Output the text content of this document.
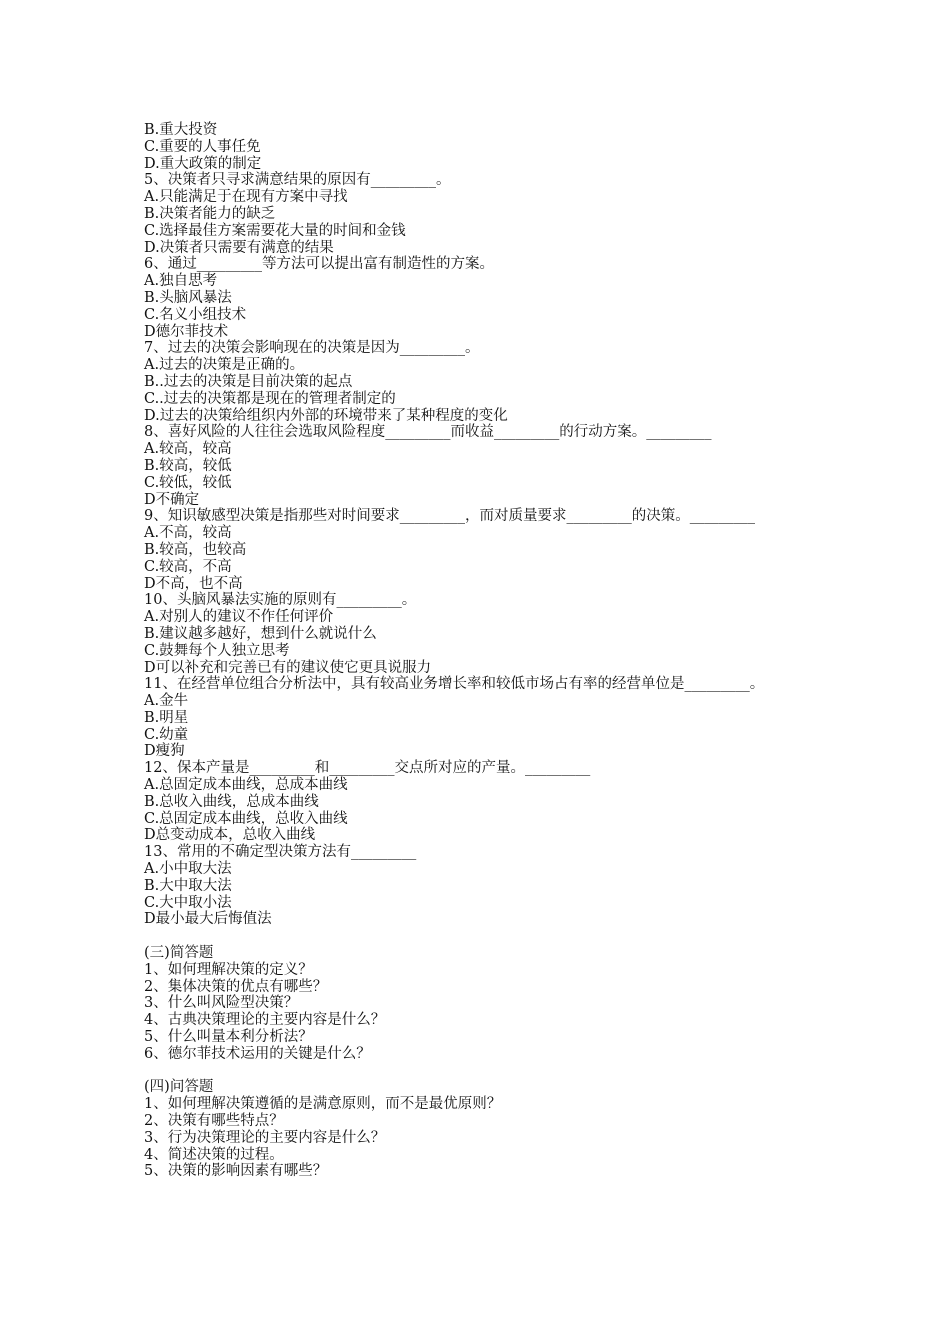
B.重大投资
C.重要的人事任免
D.重大政策的制定
5、决策者只寻求满意结果的原因有_________。
A.只能满足于在现有方案中寻找
B.决策者能力的缺乏
C.选择最佳方案需要花大量的时间和金钱
D.决策者只需要有满意的结果
6、通过_________等方法可以提出富有制造性的方案。
A.独自思考
B.头脑风暴法
C.名义小组技术
D德尔菲技术
7、过去的决策会影响现在的决策是因为_________。
A.过去的决策是正确的。
B..过去的决策是目前决策的起点
C..过去的决策都是现在的管理者制定的
D.过去的决策给组织内外部的环境带来了某种程度的变化
8、喜好风险的人往往会选取风险程度_________而收益_________的行动方案。_________
A.较高，较高
B.较高，较低
C.较低，较低
D不确定
9、知识敏感型决策是指那些对时间要求_________，而对质量要求_________的决策。_________
A.不高，较高
B.较高，也较高
C.较高，不高
D不高，也不高
10、头脑风暴法实施的原则有_________。
A.对别人的建议不作任何评价
B.建议越多越好，想到什么就说什么
C.鼓舞每个人独立思考
D可以补充和完善已有的建议使它更具说服力
11、在经营单位组合分析法中，具有较高业务增长率和较低市场占有率的经营单位是_________。
A.金牛
B.明星
C.幼童
D瘦狗
12、保本产量是_________和_________交点所对应的产量。_________
A.总固定成本曲线，总成本曲线
B.总收入曲线，总成本曲线
C.总固定成本曲线，总收入曲线
D总变动成本，总收入曲线
13、常用的不确定型决策方法有_________
A.小中取大法
B.大中取大法
C.大中取小法
D最小最大后悔值法
(三)简答题
1、如何理解决策的定义？
2、集体决策的优点有哪些？
3、什么叫风险型决策？
4、古典决策理论的主要内容是什么？
5、什么叫量本利分析法？
6、德尔菲技术运用的关键是什么？
(四)问答题
1、如何理解决策遵循的是满意原则，而不是最优原则？
2、决策有哪些特点？
3、行为决策理论的主要内容是什么？
4、简述决策的过程。
5、决策的影响因素有哪些？
